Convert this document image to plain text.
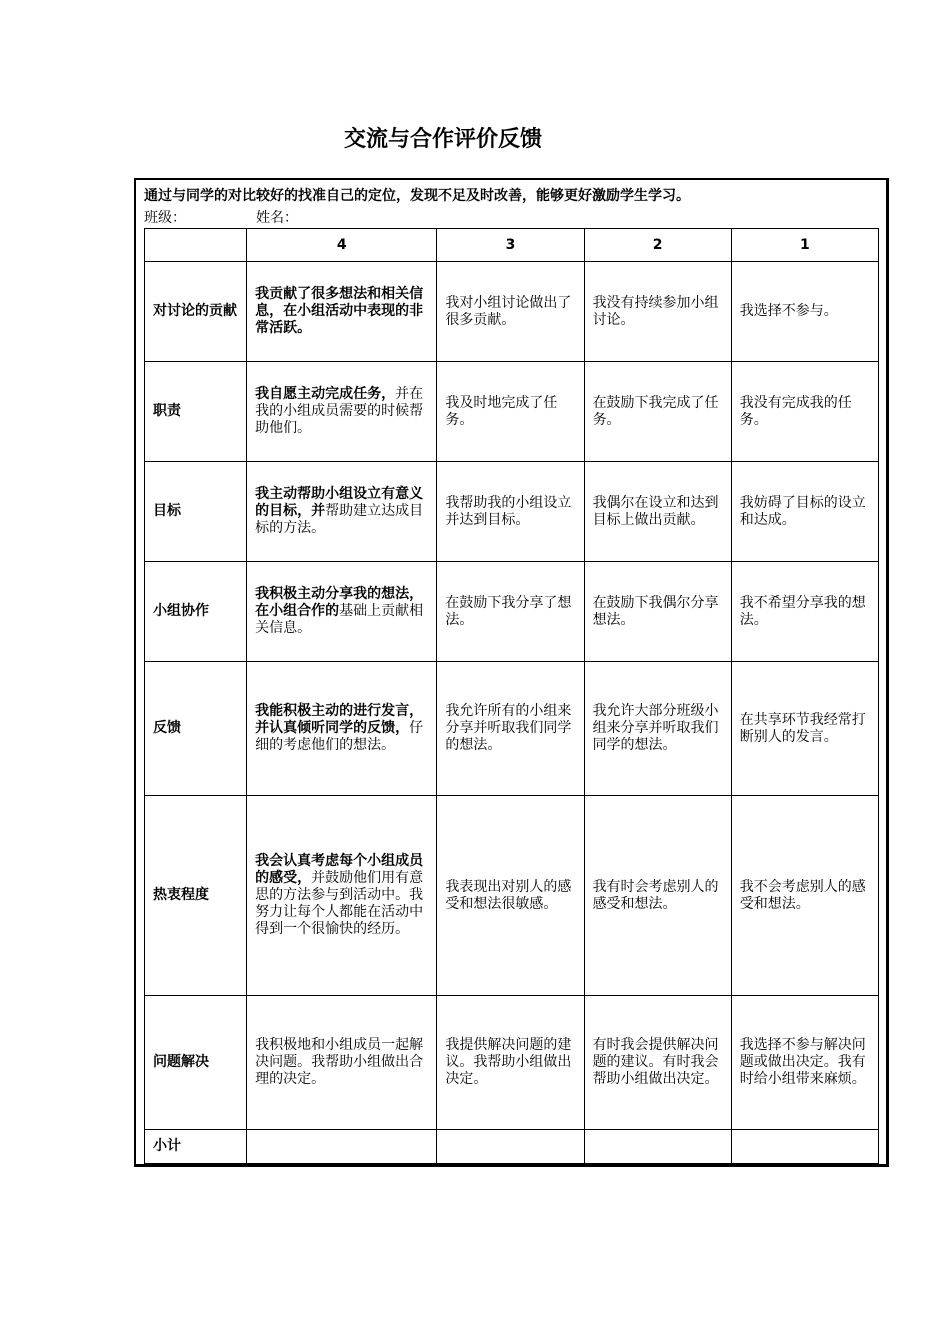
交流与合作评价反馈
通过与同学的对比较好的找准自己的定位，发现不足及时改善，能够更好激励学生学习。
班级：	姓名：
	4	3	2	1
对讨论的贡献	我贡献了很多想法和相关信息，在小组活动中表现的非常活跃。	我对小组讨论做出了很多贡献。	我没有持续参加小组讨论。	我选择不参与。
职责	我自愿主动完成任务，并在我的小组成员需要的时候帮助他们。	我及时地完成了任务。	在鼓励下我完成了任务。	我没有完成我的任务。
目标	我主动帮助小组设立有意义的目标，并帮助建立达成目标的方法。	我帮助我的小组设立并达到目标。	我偶尔在设立和达到目标上做出贡献。	我妨碍了目标的设立和达成。
小组协作	我积极主动分享我的想法，在小组合作的基础上贡献相关信息。	在鼓励下我分享了想法。	在鼓励下我偶尔分享想法。	我不希望分享我的想法。
反馈	我能积极主动的进行发言，并认真倾听同学的反馈，仔细的考虑他们的想法。	我允许所有的小组来分享并听取我们同学的想法。	我允许大部分班级小组来分享并听取我们同学的想法。	在共享环节我经常打断别人的发言。
热衷程度	我会认真考虑每个小组成员的感受，并鼓励他们用有意思的方法参与到活动中。我努力让每个人都能在活动中得到一个很愉快的经历。	我表现出对别人的感受和想法很敏感。	我有时会考虑别人的感受和想法。	我不会考虑别人的感受和想法。
问题解决	我积极地和小组成员一起解决问题。我帮助小组做出合理的决定。	我提供解决问题的建议。我帮助小组做出决定。	有时我会提供解决问题的建议。有时我会帮助小组做出决定。	我选择不参与解决问题或做出决定。我有时给小组带来麻烦。
小计				
